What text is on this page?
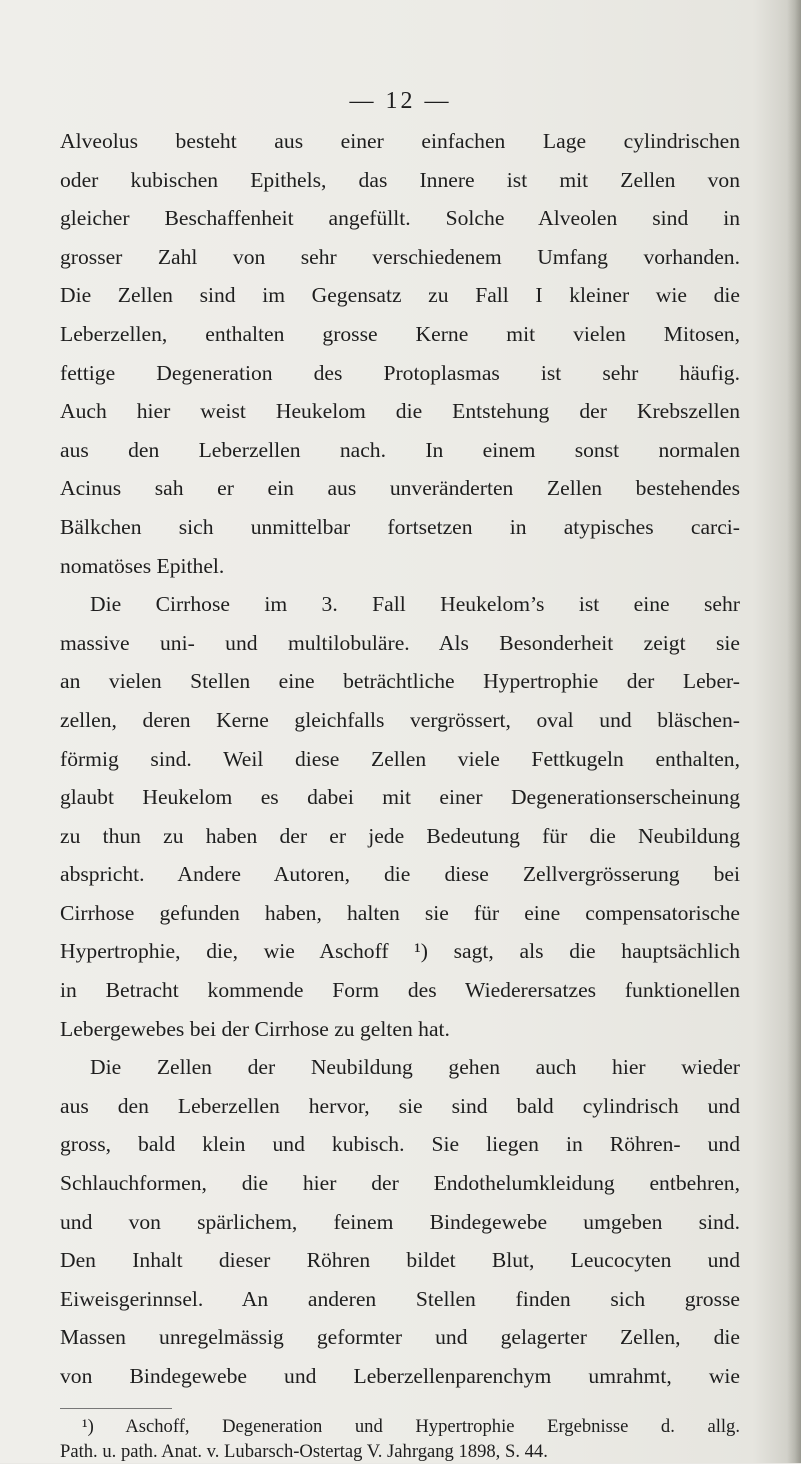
— 12 —
Alveolus besteht aus einer einfachen Lage cylindrischen
oder kubischen Epithels, das Innere ist mit Zellen von
gleicher Beschaffenheit angefüllt. Solche Alveolen sind in
grosser Zahl von sehr verschiedenem Umfang vorhanden.
Die Zellen sind im Gegensatz zu Fall I kleiner wie die
Leberzellen, enthalten grosse Kerne mit vielen Mitosen,
fettige Degeneration des Protoplasmas ist sehr häufig.
Auch hier weist Heukelom die Entstehung der Krebszellen
aus den Leberzellen nach. In einem sonst normalen
Acinus sah er ein aus unveränderten Zellen bestehendes
Bälkchen sich unmittelbar fortsetzen in atypisches carci-
nomatöses Epithel.
Die Cirrhose im 3. Fall Heukelom’s ist eine sehr
massive uni- und multilobuläre. Als Besonderheit zeigt sie
an vielen Stellen eine beträchtliche Hypertrophie der Leber-
zellen, deren Kerne gleichfalls vergrössert, oval und bläschen-
förmig sind. Weil diese Zellen viele Fettkugeln enthalten,
glaubt Heukelom es dabei mit einer Degenerationserscheinung
zu thun zu haben der er jede Bedeutung für die Neubildung
abspricht. Andere Autoren, die diese Zellvergrösserung bei
Cirrhose gefunden haben, halten sie für eine compensatorische
Hypertrophie, die, wie Aschoff ¹) sagt, als die hauptsächlich
in Betracht kommende Form des Wiederersatzes funktionellen
Lebergewebes bei der Cirrhose zu gelten hat.
Die Zellen der Neubildung gehen auch hier wieder
aus den Leberzellen hervor, sie sind bald cylindrisch und
gross, bald klein und kubisch. Sie liegen in Röhren- und
Schlauchformen, die hier der Endothelumkleidung entbehren,
und von spärlichem, feinem Bindegewebe umgeben sind.
Den Inhalt dieser Röhren bildet Blut, Leucocyten und
Eiweisgerinnsel. An anderen Stellen finden sich grosse
Massen unregelmässig geformter und gelagerter Zellen, die
von Bindegewebe und Leberzellenparenchym umrahmt, wie
¹) Aschoff, Degeneration und Hypertrophie Ergebnisse d. allg.
Path. u. path. Anat. v. Lubarsch-Ostertag V. Jahrgang 1898, S. 44.
